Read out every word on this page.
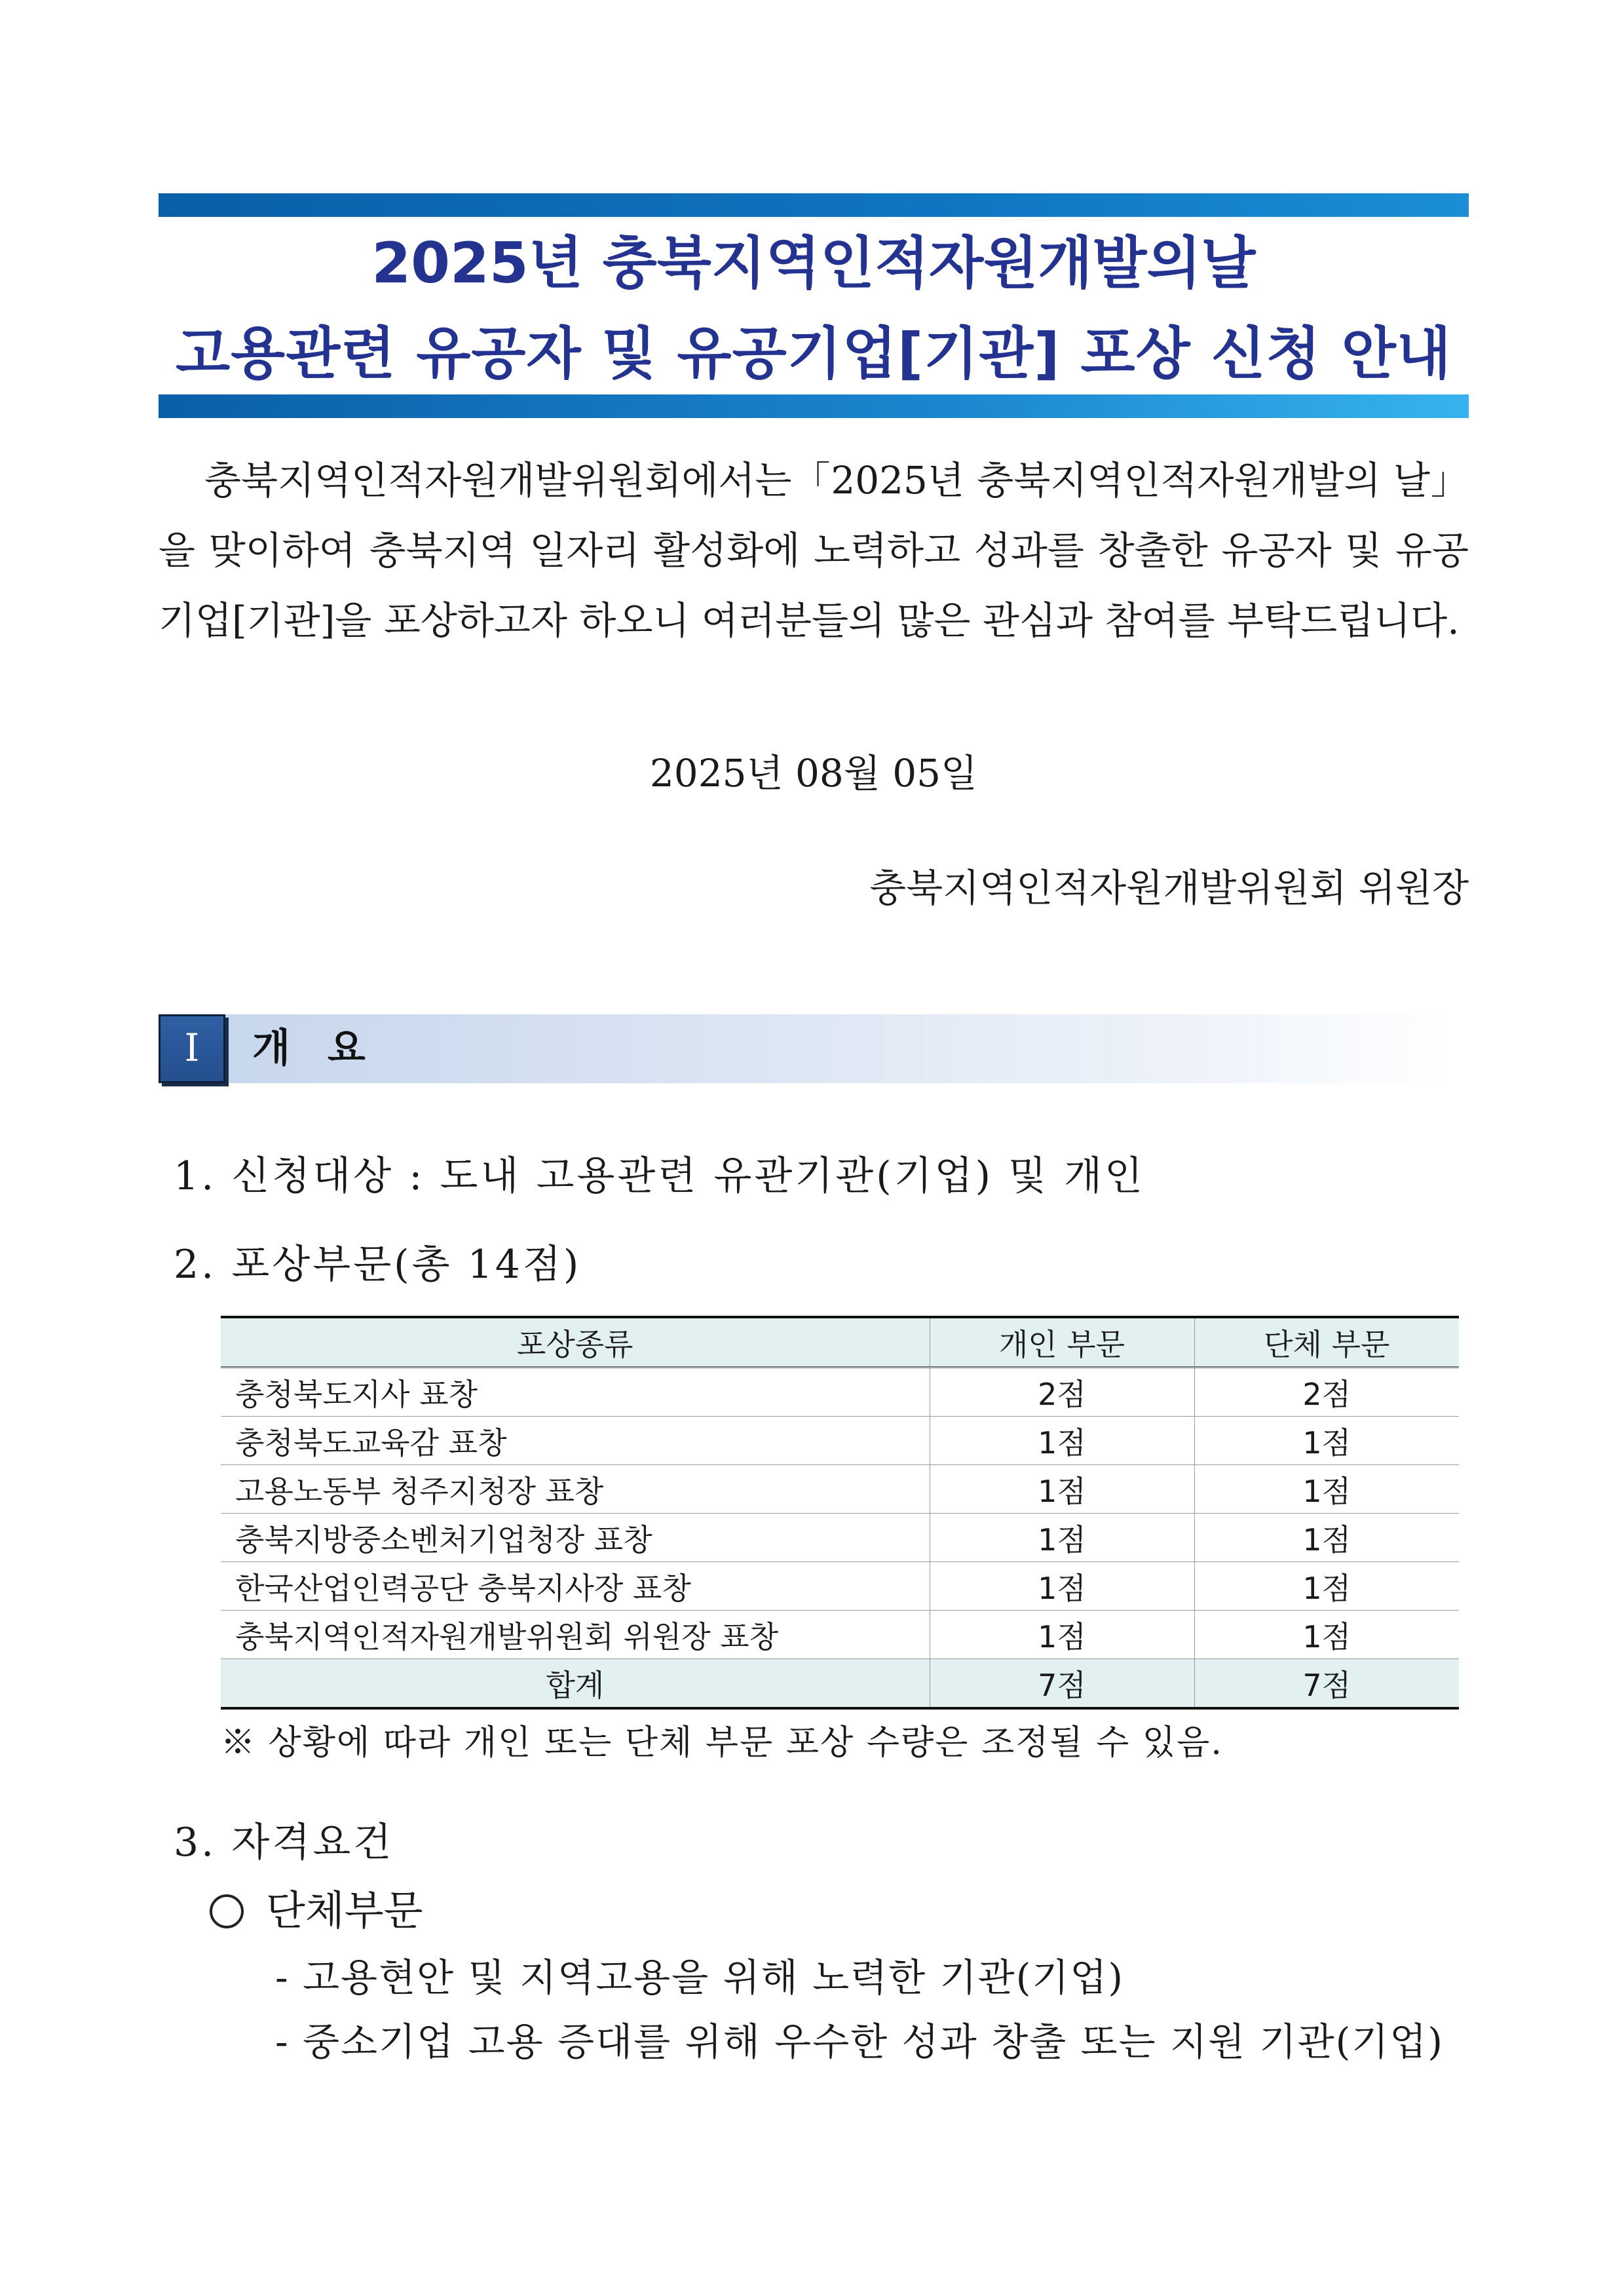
2025년 충북지역인적자원개발의날
고용관련 유공자 및 유공기업[기관] 포상 신청 안내
충북지역인적자원개발위원회에서는「2025년 충북지역인적자원개발의 날」을 맞이하여 충북지역 일자리 활성화에 노력하고 성과를 창출한 유공자 및 유공기업[기관]을 포상하고자 하오니 여러분들의 많은 관심과 참여를 부탁드립니다.
2025년 08월 05일
충북지역인적자원개발위원회 위원장
I	개 요
1. 신청대상 : 도내 고용관련 유관기관(기업) 및 개인
2. 포상부문(총 14점)
포상종류	개인 부문	단체 부문
충청북도지사 표창	2점	2점
충청북도교육감 표창	1점	1점
고용노동부 청주지청장 표창	1점	1점
충북지방중소벤처기업청장 표창	1점	1점
한국산업인력공단 충북지사장 표창	1점	1점
충북지역인적자원개발위원회 위원장 표창	1점	1점
합계	7점	7점
※ 상황에 따라 개인 또는 단체 부문 포상 수량은 조정될 수 있음.
3. 자격요건
단체부문
- 고용현안 및 지역고용을 위해 노력한 기관(기업)
- 중소기업 고용 증대를 위해 우수한 성과 창출 또는 지원 기관(기업)
